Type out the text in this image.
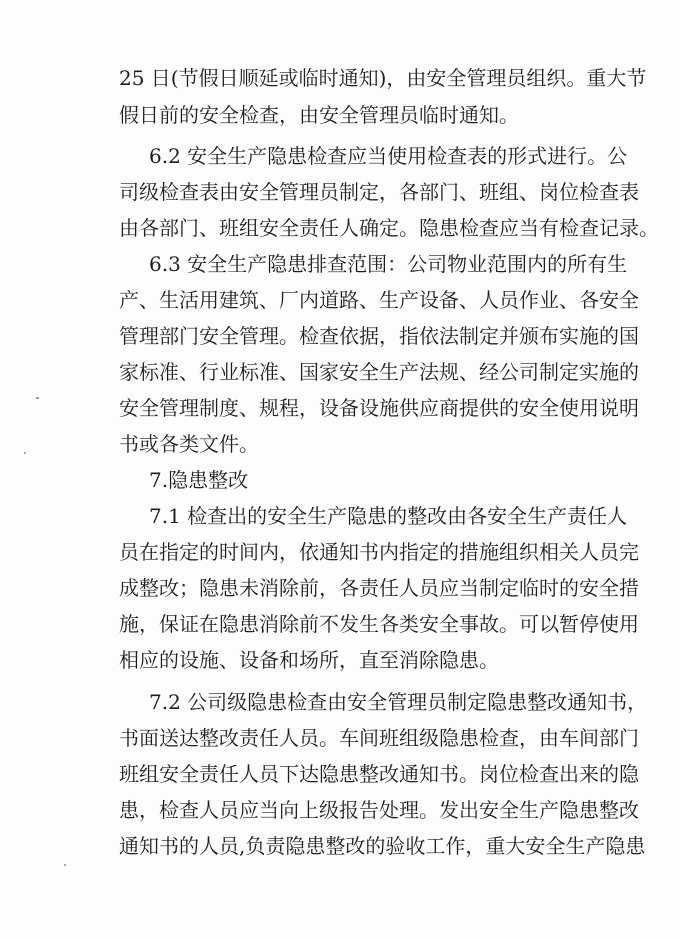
25 日(节假日顺延或临时通知)，由安全管理员组织。重大节
假日前的安全检查，由安全管理员临时通知。
6.2 安全生产隐患检查应当使用检查表的形式进行。公
司级检查表由安全管理员制定，各部门、班组、岗位检查表
由各部门、班组安全责任人确定。隐患检查应当有检查记录。
6.3 安全生产隐患排查范围：公司物业范围内的所有生
产、生活用建筑、厂内道路、生产设备、人员作业、各安全
管理部门安全管理。检查依据，指依法制定并颁布实施的国
家标准、行业标准、国家安全生产法规、经公司制定实施的
安全管理制度、规程，设备设施供应商提供的安全使用说明
书或各类文件。
7.隐患整改
7.1 检查出的安全生产隐患的整改由各安全生产责任人
员在指定的时间内，依通知书内指定的措施组织相关人员完
成整改；隐患未消除前，各责任人员应当制定临时的安全措
施，保证在隐患消除前不发生各类安全事故。可以暂停使用
相应的设施、设备和场所，直至消除隐患。
7.2 公司级隐患检查由安全管理员制定隐患整改通知书，
书面送达整改责任人员。车间班组级隐患检查，由车间部门
班组安全责任人员下达隐患整改通知书。岗位检查出来的隐
患，检查人员应当向上级报告处理。发出安全生产隐患整改
通知书的人员,负责隐患整改的验收工作，重大安全生产隐患
